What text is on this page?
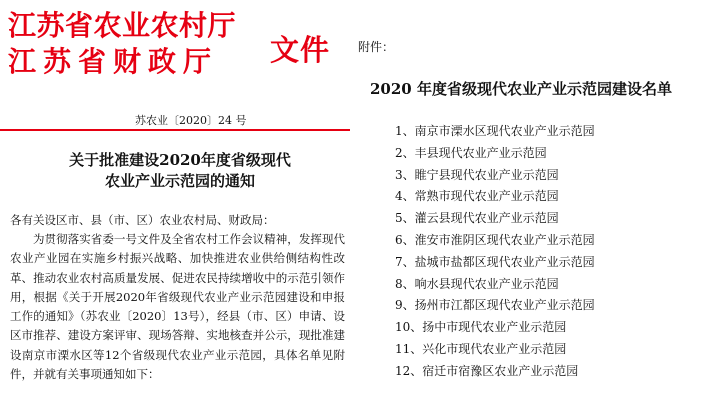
江苏省农业农村厅
江苏省财政厅 文件
苏农业〔2020〕24 号
关于批准建设2020年度省级现代
农业产业示范园的通知
各有关设区市、县（市、区）农业农村局、财政局：

为贯彻落实省委一号文件及全省农村工作会议精神，发挥现代农业产业园在实施乡村振兴战略、加快推进农业供给侧结构性改革、推动农业农村高质量发展、促进农民持续增收中的示范引领作用，根据《关于开展2020年省级现代农业产业示范园建设和申报工作的通知》（苏农业〔2020〕13号），经县（市、区）申请、设区市推荐、建设方案评审、现场答辩、实地核查并公示，现批准建设南京市溧水区等12个省级现代农业产业示范园，具体名单见附件，并就有关事项通知如下：

附件：
2020 年度省级现代农业产业示范园建设名单
1、南京市溧水区现代农业产业示范园
2、丰县现代农业产业示范园
3、睢宁县现代农业产业示范园
4、常熟市现代农业产业示范园
5、灌云县现代农业产业示范园
6、淮安市淮阴区现代农业产业示范园
7、盐城市盐都区现代农业产业示范园
8、响水县现代农业产业示范园
9、扬州市江都区现代农业产业示范园
10、扬中市现代农业产业示范园
11、兴化市现代农业产业示范园
12、宿迁市宿豫区农业产业示范园
